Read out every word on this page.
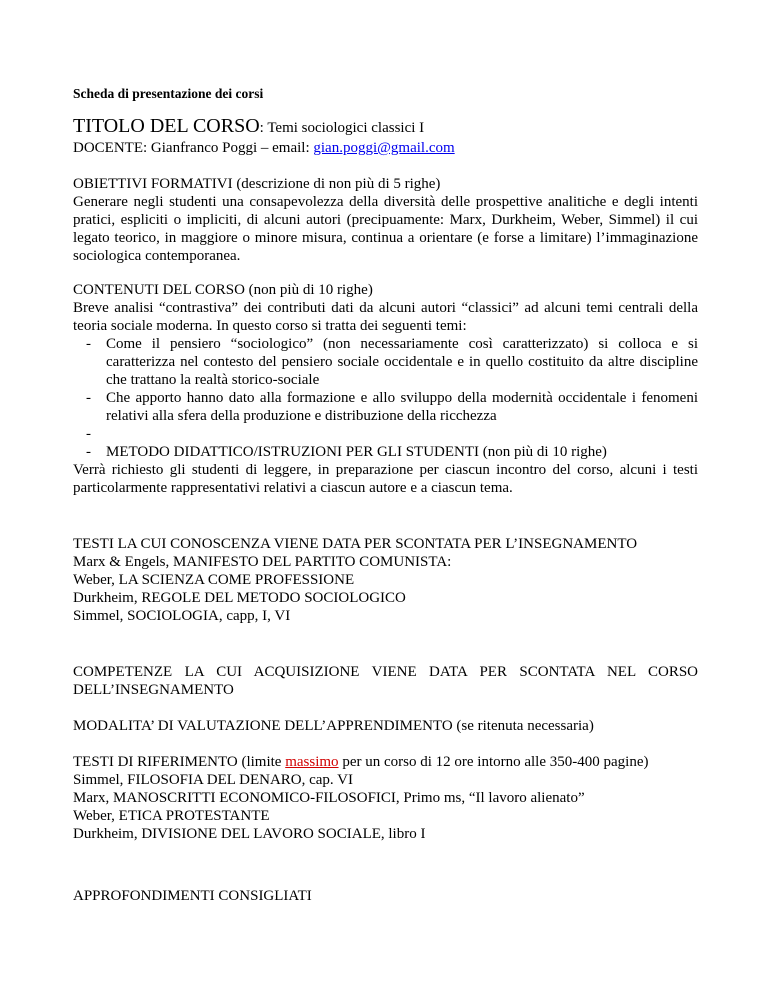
Scheda di presentazione dei corsi

TITOLO DEL CORSO: Temi sociologici classici I

DOCENTE: Gianfranco Poggi – email: gian.poggi@gmail.com

OBIETTIVI FORMATIVI (descrizione di non più di 5 righe)

Generare negli studenti una consapevolezza della diversità delle prospettive analitiche e degli intenti pratici, espliciti o impliciti, di alcuni autori (precipuamente: Marx, Durkheim, Weber, Simmel) il cui legato teorico, in maggiore o minore misura, continua a orientare (e forse a limitare) l’immaginazione sociologica contemporanea.

CONTENUTI DEL CORSO (non più di 10 righe)

Breve analisi “contrastiva” dei contributi dati da alcuni autori “classici” ad alcuni temi centrali della teoria sociale moderna. In questo corso si tratta dei seguenti temi:

- Come il pensiero “sociologico” (non necessariamente così caratterizzato) si colloca e si caratterizza nel contesto del pensiero sociale occidentale e in quello costituito da altre discipline che trattano la realtà storico-sociale
- Che apporto hanno dato alla formazione e allo sviluppo della modernità occidentale i fenomeni relativi alla sfera della produzione e distribuzione della ricchezza
-
- METODO DIDATTICO/ISTRUZIONI PER GLI STUDENTI (non più di 10 righe)

Verrà richiesto gli studenti di leggere, in preparazione per ciascun incontro del corso, alcuni i testi particolarmente rappresentativi relativi a ciascun autore e a ciascun tema.

TESTI LA CUI CONOSCENZA VIENE DATA PER SCONTATA PER L’INSEGNAMENTO

Marx & Engels, MANIFESTO DEL PARTITO COMUNISTA:

Weber, LA SCIENZA COME PROFESSIONE

Durkheim, REGOLE DEL METODO SOCIOLOGICO

Simmel, SOCIOLOGIA, capp, I, VI

COMPETENZE LA CUI ACQUISIZIONE VIENE DATA PER SCONTATA NEL CORSO DELL’INSEGNAMENTO

MODALITA’ DI VALUTAZIONE DELL’APPRENDIMENTO (se ritenuta necessaria)

TESTI DI RIFERIMENTO (limite massimo per un corso di 12 ore intorno alle 350-400 pagine)

Simmel, FILOSOFIA DEL DENARO, cap. VI

Marx, MANOSCRITTI ECONOMICO-FILOSOFICI, Primo ms, “Il lavoro alienato”

Weber, ETICA PROTESTANTE

Durkheim, DIVISIONE DEL LAVORO SOCIALE, libro I

APPROFONDIMENTI CONSIGLIATI
